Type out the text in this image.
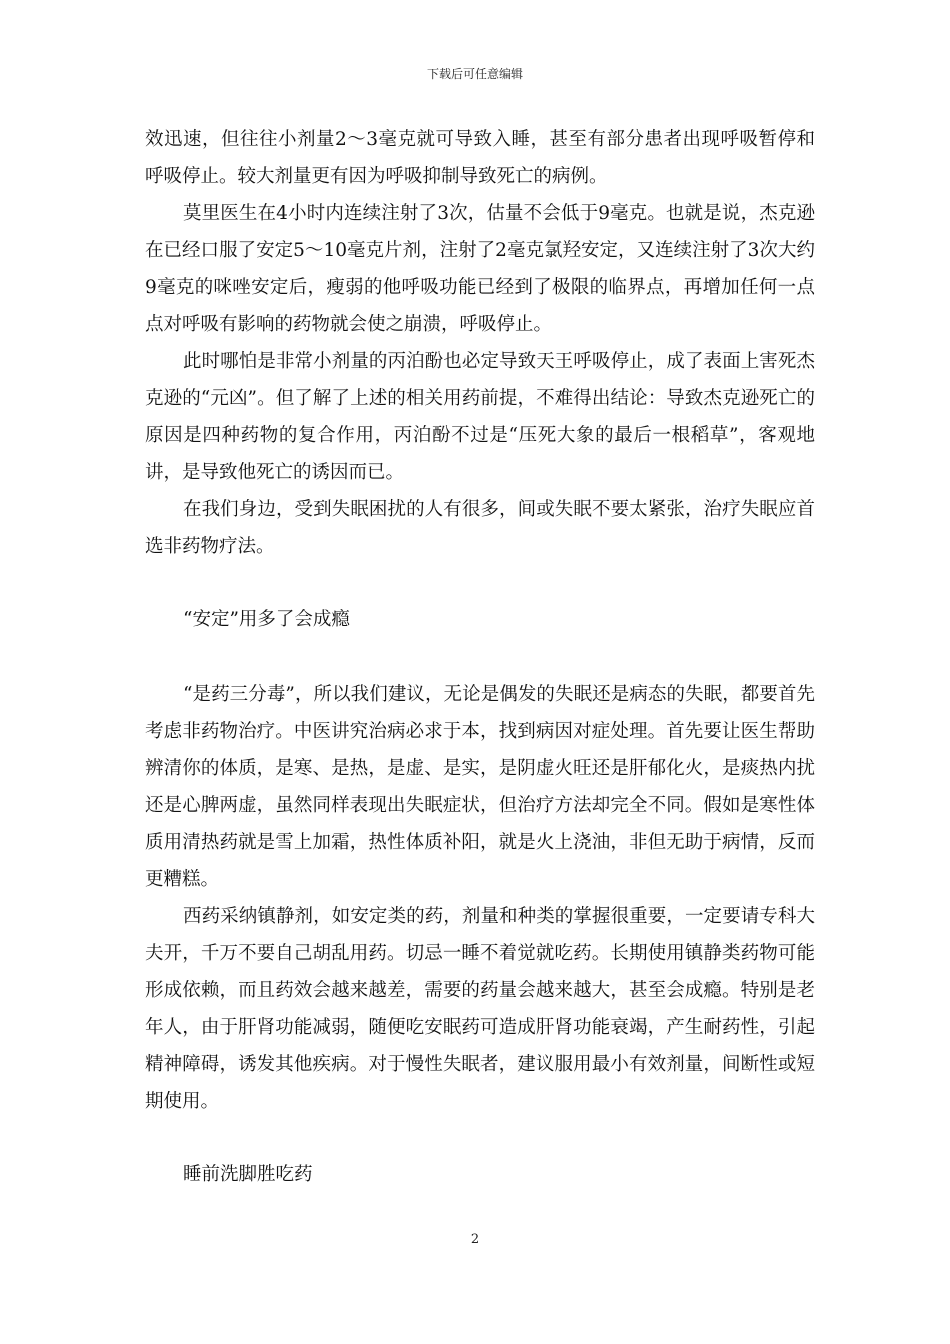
下载后可任意编辑

效迅速，但往往小剂量2～3毫克就可导致入睡，甚至有部分患者出现呼吸暂停和呼吸停止。较大剂量更有因为呼吸抑制导致死亡的病例。

莫里医生在4小时内连续注射了3次，估量不会低于9毫克。也就是说，杰克逊在已经口服了安定5～10毫克片剂，注射了2毫克氯羟安定，又连续注射了3次大约9毫克的咪唑安定后，瘦弱的他呼吸功能已经到了极限的临界点，再增加任何一点点对呼吸有影响的药物就会使之崩溃，呼吸停止。

此时哪怕是非常小剂量的丙泊酚也必定导致天王呼吸停止，成了表面上害死杰克逊的“元凶”。但了解了上述的相关用药前提，不难得出结论：导致杰克逊死亡的原因是四种药物的复合作用，丙泊酚不过是“压死大象的最后一根稻草”，客观地讲，是导致他死亡的诱因而已。

在我们身边，受到失眠困扰的人有很多，间或失眠不要太紧张，治疗失眠应首选非药物疗法。

“安定”用多了会成瘾

“是药三分毒”，所以我们建议，无论是偶发的失眠还是病态的失眠，都要首先考虑非药物治疗。中医讲究治病必求于本，找到病因对症处理。首先要让医生帮助辨清你的体质，是寒、是热，是虚、是实，是阴虚火旺还是肝郁化火，是痰热内扰还是心脾两虚，虽然同样表现出失眠症状，但治疗方法却完全不同。假如是寒性体质用清热药就是雪上加霜，热性体质补阳，就是火上浇油，非但无助于病情，反而更糟糕。

西药采纳镇静剂，如安定类的药，剂量和种类的掌握很重要，一定要请专科大夫开，千万不要自己胡乱用药。切忌一睡不着觉就吃药。长期使用镇静类药物可能形成依赖，而且药效会越来越差，需要的药量会越来越大，甚至会成瘾。特别是老年人，由于肝肾功能减弱，随便吃安眠药可造成肝肾功能衰竭，产生耐药性，引起精神障碍，诱发其他疾病。对于慢性失眠者，建议服用最小有效剂量，间断性或短期使用。

睡前洗脚胜吃药

2
